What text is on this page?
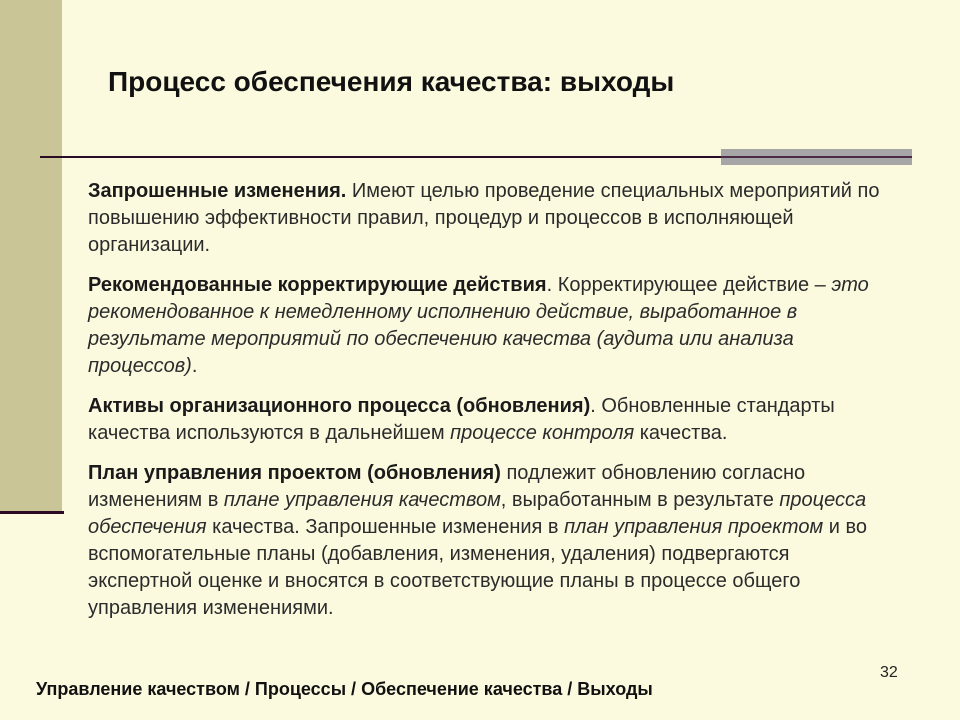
Процесс обеспечения качества: выходы

Запрошенные изменения. Имеют целью проведение специальных мероприятий по повышению эффективности правил, процедур и процессов в исполняющей организации.

Рекомендованные корректирующие действия. Корректирующее действие – это рекомендованное к немедленному исполнению действие, выработанное в результате мероприятий по обеспечению качества (аудита или анализа процессов).

Активы организационного процесса (обновления). Обновленные стандарты качества используются в дальнейшем процессе контроля качества.

План управления проектом (обновления) подлежит обновлению согласно изменениям в плане управления качеством, выработанным в результате процесса обеспечения качества. Запрошенные изменения в план управления проектом и во вспомогательные планы (добавления, изменения, удаления) подвергаются экспертной оценке и вносятся в соответствующие планы в процессе общего управления изменениями.

32
Управление качеством / Процессы / Обеспечение качества / Выходы
